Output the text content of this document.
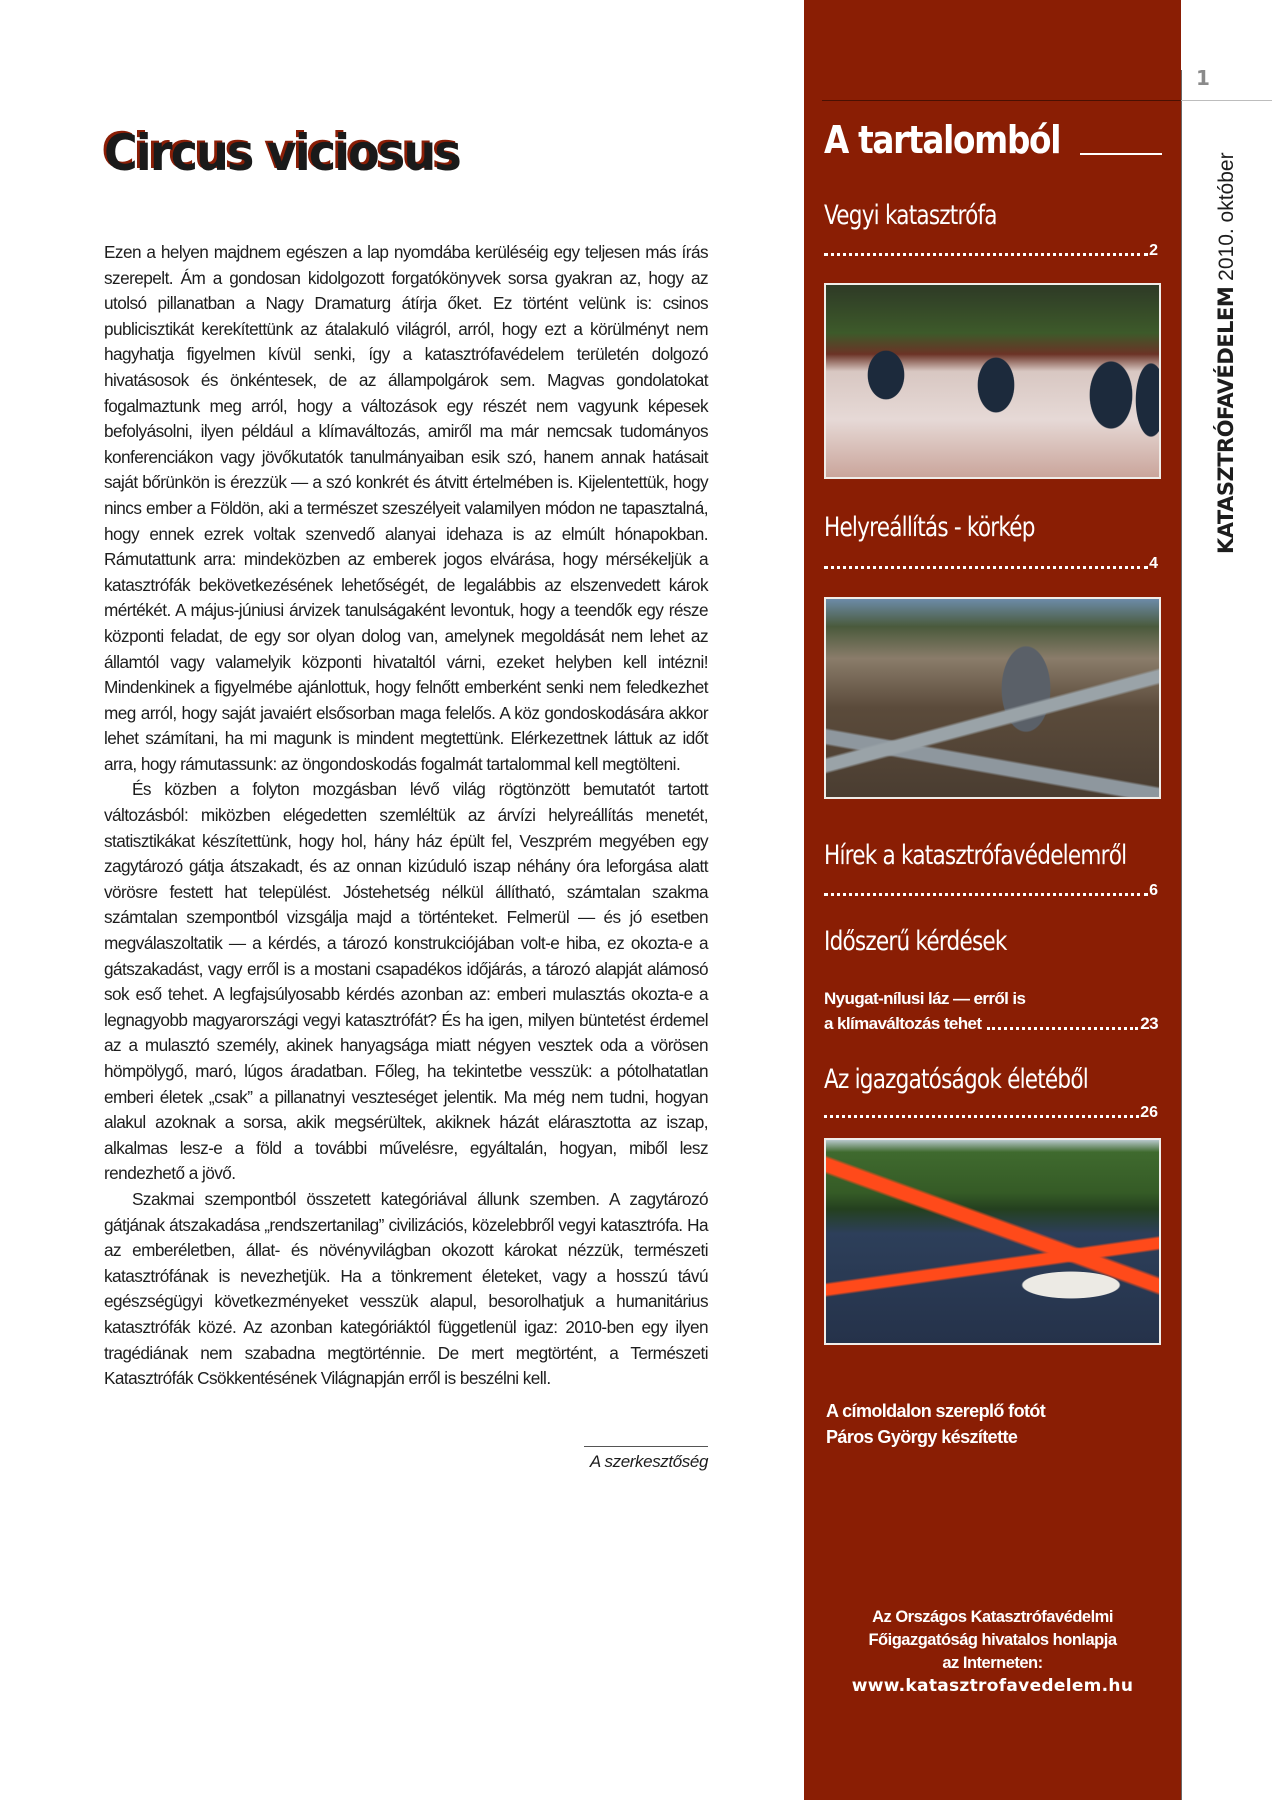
Circus viciosus

Ezen a helyen majdnem egészen a lap nyomdába kerüléséig egy teljesen más írás szerepelt. Ám a gondosan kidolgozott forgatókönyvek sorsa gyakran az, hogy az utolsó pillanatban a Nagy Dramaturg átírja őket. Ez történt velünk is: csinos publicisztikát kerekítettünk az átalakuló világról, arról, hogy ezt a körülményt nem hagyhatja figyelmen kívül senki, így a katasztrófavédelem területén dolgozó hivatásosok és önkéntesek, de az állampolgárok sem. Magvas gondolatokat fogalmaztunk meg arról, hogy a változások egy részét nem vagyunk képesek befolyásolni, ilyen például a klímaváltozás, amiről ma már nemcsak tudományos konferenciákon vagy jövőkutatók tanulmányaiban esik szó, hanem annak hatásait saját bőrünkön is érezzük — a szó konkrét és átvitt értelmében is. Kijelentettük, hogy nincs ember a Földön, aki a természet szeszélyeit valamilyen módon ne tapasztalná, hogy ennek ezrek voltak szenvedő alanyai idehaza is az elmúlt hónapokban. Rámutattunk arra: mindeközben az emberek jogos elvárása, hogy mérsékeljük a katasztrófák bekövetkezésének lehetőségét, de legalábbis az elszenvedett károk mértékét. A május-júniusi árvizek tanulságaként levontuk, hogy a teendők egy része központi feladat, de egy sor olyan dolog van, amelynek megoldását nem lehet az államtól vagy valamelyik központi hivataltól várni, ezeket helyben kell intézni! Mindenkinek a figyelmébe ajánlottuk, hogy felnőtt emberként senki nem feledkezhet meg arról, hogy saját javaiért elsősorban maga felelős. A köz gondoskodására akkor lehet számítani, ha mi magunk is mindent megtettünk. Elérkezettnek láttuk az időt arra, hogy rámutassunk: az öngondoskodás fogalmát tartalommal kell megtölteni.

És közben a folyton mozgásban lévő világ rögtönzött bemutatót tartott változásból: miközben elégedetten szemléltük az árvízi helyreállítás menetét, statisztikákat készítettünk, hogy hol, hány ház épült fel, Veszprém megyében egy zagytározó gátja átszakadt, és az onnan kizúduló iszap néhány óra leforgása alatt vörösre festett hat települést. Jóstehetség nélkül állítható, számtalan szakma számtalan szempontból vizsgálja majd a történteket. Felmerül — és jó esetben megválaszoltatik — a kérdés, a tározó konstrukciójában volt-e hiba, ez okozta-e a gátszakadást, vagy erről is a mostani csapadékos időjárás, a tározó alapját alámosó sok eső tehet. A legfajsúlyosabb kérdés azonban az: emberi mulasztás okozta-e a legnagyobb magyarországi vegyi katasztrófát? És ha igen, milyen büntetést érdemel az a mulasztó személy, akinek hanyagsága miatt négyen vesztek oda a vörösen hömpölygő, maró, lúgos áradatban. Főleg, ha tekintetbe vesszük: a pótolhatatlan emberi életek „csak” a pillanatnyi veszteséget jelentik. Ma még nem tudni, hogyan alakul azoknak a sorsa, akik megsérültek, akiknek házát elárasztotta az iszap, alkalmas lesz-e a föld a további művelésre, egyáltalán, hogyan, miből lesz rendezhető a jövő.

Szakmai szempontból összetett kategóriával állunk szemben. A zagytározó gátjának átszakadása „rendszertanilag” civilizációs, közelebbről vegyi katasztrófa. Ha az emberéletben, állat- és növényvilágban okozott károkat nézzük, természeti katasztrófának is nevezhetjük. Ha a tönkrement életeket, vagy a hosszú távú egészségügyi következményeket vesszük alapul, besorolhatjuk a humanitárius katasztrófák közé. Az azonban kategóriáktól függetlenül igaz: 2010-ben egy ilyen tragédiának nem szabadna megtörténnie. De mert megtörtént, a Természeti Katasztrófák Csökkentésének Világnapján erről is beszélni kell.

A szerkesztőség
A tartalomból
Vegyi katasztrófa
2
Helyreállítás - körkép
4
Hírek a katasztrófavédelemről
6
Időszerű kérdések
Nyugat-nílusi láz — erről is
a klímaváltozás tehet	23
Az igazgatóságok életéből
26
A címoldalon szereplő fotót
Páros György készítette
Az Országos Katasztrófavédelmi
Főigazgatóság hivatalos honlapja
az Interneten:
www.katasztrofavedelem.hu
1
KATASZTRÓFAVÉDELEM 2010. október
